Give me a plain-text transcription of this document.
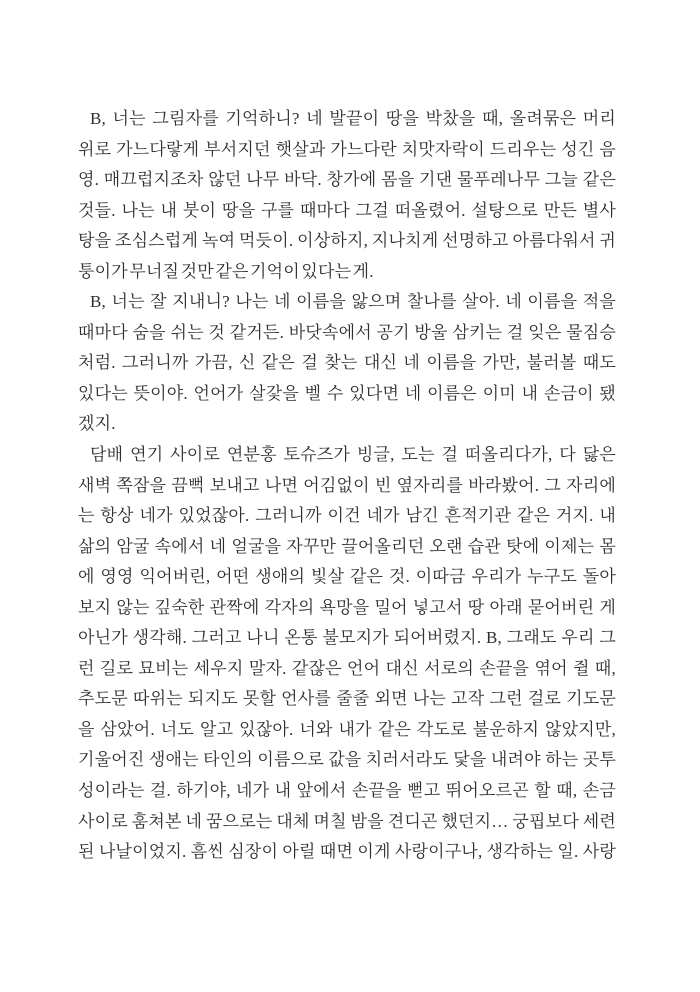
B, 너는 그림자를 기억하니? 네 발끝이 땅을 박찼을 때, 올려묶은 머리
위로 가느다랗게 부서지던 햇살과 가느다란 치맛자락이 드리우는 성긴 음
영. 매끄럽지조차 않던 나무 바닥. 창가에 몸을 기댄 물푸레나무 그늘 같은
것들. 나는 내 붓이 땅을 구를 때마다 그걸 떠올렸어. 설탕으로 만든 별사
탕을 조심스럽게 녹여 먹듯이. 이상하지, 지나치게 선명하고 아름다워서 귀
퉁이가 무너질 것만 같은 기억이 있다는 게.
B, 너는 잘 지내니? 나는 네 이름을 앓으며 찰나를 살아. 네 이름을 적을
때마다 숨을 쉬는 것 같거든. 바닷속에서 공기 방울 삼키는 걸 잊은 물짐승
처럼. 그러니까 가끔, 신 같은 걸 찾는 대신 네 이름을 가만, 불러볼 때도
있다는 뜻이야. 언어가 살갗을 벨 수 있다면 네 이름은 이미 내 손금이 됐
겠지.
담배 연기 사이로 연분홍 토슈즈가 빙글, 도는 걸 떠올리다가, 다 닳은
새벽 쪽잠을 끔뻑 보내고 나면 어김없이 빈 옆자리를 바라봤어. 그 자리에
는 항상 네가 있었잖아. 그러니까 이건 네가 남긴 흔적기관 같은 거지. 내
삶의 암굴 속에서 네 얼굴을 자꾸만 끌어올리던 오랜 습관 탓에 이제는 몸
에 영영 익어버린, 어떤 생애의 빛살 같은 것. 이따금 우리가 누구도 돌아
보지 않는 깊숙한 관짝에 각자의 욕망을 밀어 넣고서 땅 아래 묻어버린 게
아닌가 생각해. 그러고 나니 온통 불모지가 되어버렸지. B, 그래도 우리 그
런 길로 묘비는 세우지 말자. 같잖은 언어 대신 서로의 손끝을 엮어 쥘 때,
추도문 따위는 되지도 못할 언사를 줄줄 외면 나는 고작 그런 걸로 기도문
을 삼았어. 너도 알고 있잖아. 너와 내가 같은 각도로 불운하지 않았지만,
기울어진 생애는 타인의 이름으로 값을 치러서라도 닻을 내려야 하는 곳투
성이라는 걸. 하기야, 네가 내 앞에서 손끝을 뻗고 뛰어오르곤 할 때, 손금
사이로 훔쳐본 네 꿈으로는 대체 며칠 밤을 견디곤 했던지… 궁핍보다 세련
된 나날이었지. 흠씬 심장이 아릴 때면 이게 사랑이구나, 생각하는 일. 사랑
